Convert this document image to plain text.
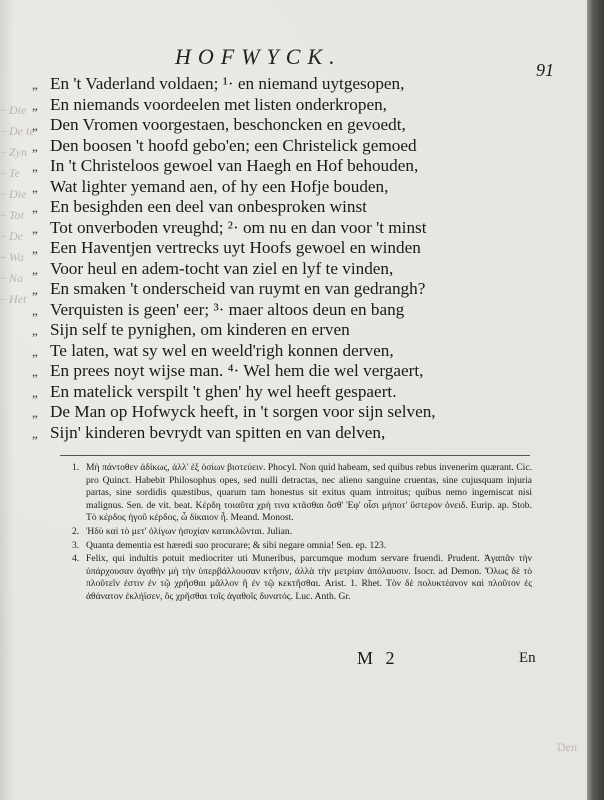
·· Die
·· De te
·· Zyn
·· Te
·· Die
·· Tot
·· De
·· Wa
·· Na
·· Het
HOFWYCK.
91
„ En 't Vaderland voldaen; ¹· en niemand uytgesopen,
„ En niemands voordeelen met listen onderkropen,
„ Den Vromen voorgestaen, beschoncken en gevoedt,
„ Den boosen 't hoofd gebo'en; een Christelick gemoed
„ In 't Christeloos gewoel van Haegh en Hof behouden,
„ Wat lighter yemand aen, of hy een Hofje bouden,
„ En besighden een deel van onbesproken winst
„ Tot onverboden vreughd; ²· om nu en dan voor 't minst
„ Een Haventjen vertrecks uyt Hoofs gewoel en winden
„ Voor heul en adem-tocht van ziel en lyf te vinden,
„ En smaken 't onderscheid van ruymt en van gedrangh?
„ Verquisten is geen' eer; ³· maer altoos deun en bang
„ Sijn self te pynighen, om kinderen en erven
„ Te laten, wat sy wel en weeld'righ konnen derven,
„ En prees noyt wijse man. ⁴· Wel hem die wel vergaert,
„ En matelick verspilt 't ghen' hy wel heeft gespaert.
„ De Man op Hofwyck heeft, in 't sorgen voor sijn selven,
„ Sijn' kinderen bevrydt van spitten en van delven,
1. Μὴ πάντοθεν ἀδίκως, ἀλλ' ἐξ ὁσίων βιοτεύειν. Phocyl. Non quid habeam, sed quibus rebus invenerim quærant. Cic. pro Quinct. Habebit Philosophus opes, sed nulli detractas, nec alieno sanguine cruentas, sine cujusquam injuria partas, sine sordidis quæstibus, quarum tam honestus sit exitus quam introitus; quibus nemo ingemiscat nisi malignus. Sen. de vit. beat. Κέρδη τοιαῦτα χρὴ τινα κτᾶσθαι ὅσθ' Ἐφ' οἷσι μήποτ' ὕστερον ὀνειδ. Eurip. ap. Stob. Τὸ κέρδος ἡγοῦ κέρδος, ὦ δίκαιον ἦ. Meand. Monost.
2. Ἡδὺ καὶ τὸ μετ' ὀλίγων ἡσυχίαν κατακλῶνται. Julian.
3. Quanta dementia est hæredi suo procurare; & sibi negare omnia! Sen. ep. 123.
4. Felix, qui indultis potuit mediocriter uti Muneribus, parcumque modum servare fruendi. Prudent. Ἀγαπᾶν τὴν ὑπάρχουσαν ἀγαθὴν μὴ τὴν ὑπερβάλλουσαν κτῆσιν, ἀλλὰ τὴν μετρίαν ἀπόλαυσιν. Isocr. ad Demon. Ὅλως δὲ τὸ πλοῦτεῖν ἐστιν ἐν τῷ χρῆσθαι μᾶλλον ἢ ἐν τῷ κεκτῆσθαι. Arist. 1. Rhet. Τὸν δὲ πολυκτέανον καὶ πλοῦτον ἐς ἀθάνατον ἐκλήϊσεν, ὃς χρῆσθαι τοῖς ἀγαθοῖς δυνατός. Luc. Anth. Gr.
M 2	En
Den
